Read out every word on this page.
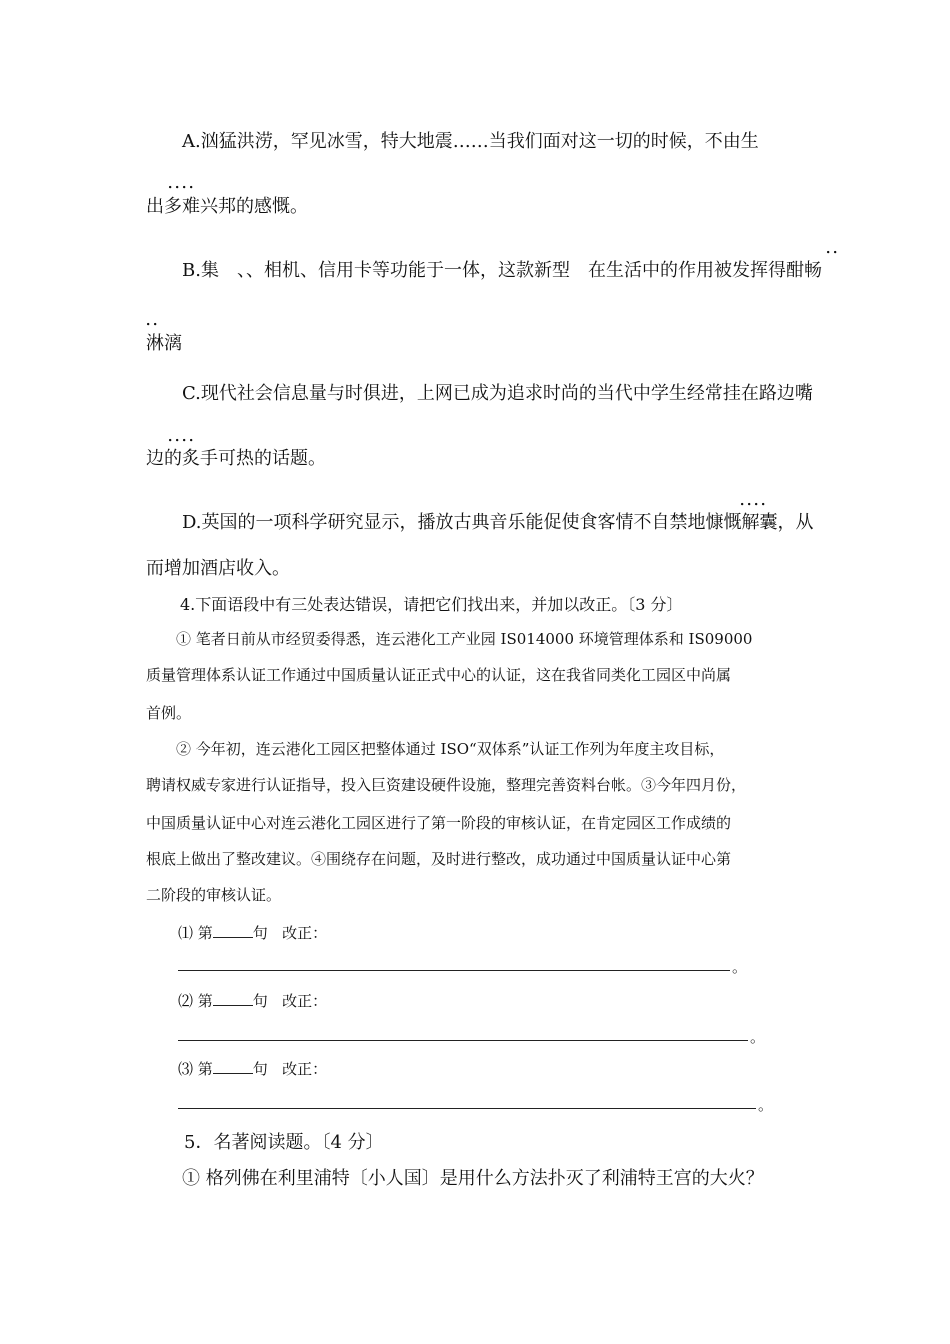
A.汹猛洪涝，罕见冰雪，特大地震……当我们面对这一切的时候，不由生
．．．．
出多难兴邦的感慨。
．．
B.集　、、相机、信用卡等功能于一体，这款新型　在生活中的作用被发挥得酣畅
．．
淋漓
C.现代社会信息量与时俱进，上网已成为追求时尚的当代中学生经常挂在路边嘴
．．．．
边的炙手可热的话题。
．．．．
D.英国的一项科学研究显示，播放古典音乐能促使食客情不自禁地慷慨解囊，从
而增加酒店收入。
4.下面语段中有三处表达错误，请把它们找出来，并加以改正。〔3 分〕
① 笔者日前从市经贸委得悉，连云港化工产业园 IS014000 环境管理体系和 IS09000
质量管理体系认证工作通过中国质量认证正式中心的认证，这在我省同类化工园区中尚属
首例。
② 今年初，连云港化工园区把整体通过 ISO“双体系”认证工作列为年度主攻目标，
聘请权威专家进行认证指导，投入巨资建设硬件设施，整理完善资料台帐。③今年四月份，
中国质量认证中心对连云港化工园区进行了第一阶段的审核认证，在肯定园区工作成绩的
根底上做出了整改建议。④围绕存在问题，及时进行整改，成功通过中国质量认证中心第
二阶段的审核认证。
⑴ 第	句 改正：
。
⑵ 第	句 改正：
。
⑶ 第	句 改正：
。
5．名著阅读题。〔4 分〕
① 格列佛在利里浦特〔小人国〕是用什么方法扑灭了利浦特王宫的大火？
